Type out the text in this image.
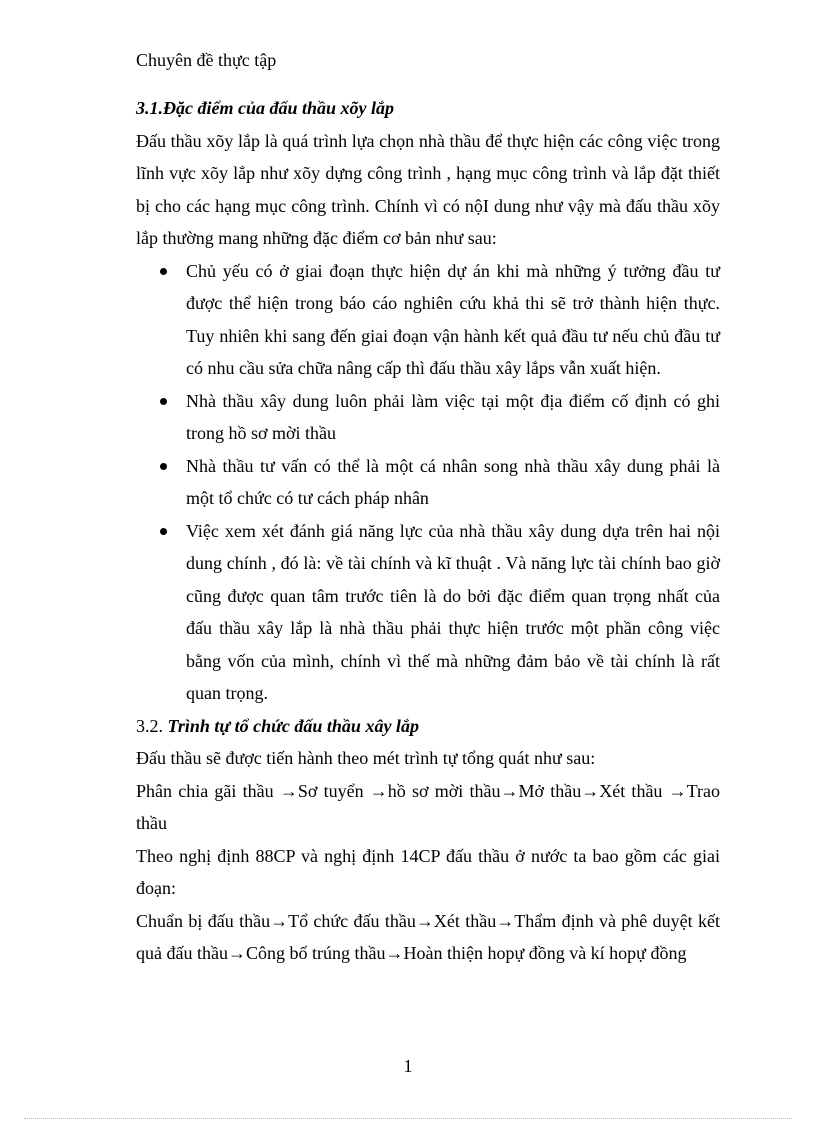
Chuyên đề thực tập

3.1.Đặc điểm của đấu thầu xõy lắp

Đấu thầu xõy lắp là quá trình lựa chọn nhà thầu để thực hiện các công việc trong lĩnh vực xõy lắp như xõy dựng công trình , hạng mục công trình và lắp đặt thiết bị cho các hạng mục công trình. Chính vì có nộI dung như vậy mà đấu thầu xõy lắp thường mang những đặc điểm cơ bản như sau:

Chủ yếu có ở giai đoạn thực hiện dự án khi mà những ý tưởng đầu tư được thể hiện trong báo cáo nghiên cứu khả thi sẽ trở thành hiện thực. Tuy nhiên khi sang đến giai đoạn vận hành kết quả đầu tư nếu chủ đầu tư có nhu cầu sửa chữa nâng cấp thì đấu thầu xây lắps vẫn xuất hiện.
Nhà thầu xây dung luôn phải làm việc tại một địa điểm cố định có ghi trong hồ sơ mời thầu
Nhà thầu tư vấn có thể là một cá nhân song nhà thầu xây dung phải là một tổ chức có tư cách pháp nhân
Việc xem xét đánh giá năng lực của nhà thầu xây dung dựa trên hai nội dung chính , đó là: về tài chính và kĩ thuật . Và năng lực tài chính bao giờ cũng được quan tâm trước tiên là do bởi đặc điểm quan trọng nhất của đấu thầu xây lắp là nhà thầu phải thực hiện trước một phần công việc bằng vốn của mình, chính vì thế mà những đảm bảo về tài chính là rất quan trọng.

3.2. Trình tự tổ chức đấu thầu xây lắp

Đấu thầu sẽ được tiến hành theo mét trình tự tổng quát như sau:

Phân chia gãi thầu →Sơ tuyển →hồ sơ mời thầu→Mở thầu→Xét thầu →Trao thầu

Theo nghị định 88CP và nghị định 14CP đấu thầu ở nước ta bao gồm các giai đoạn:

Chuẩn bị đấu thầu→Tổ chức đấu thầu→Xét thầu→Thẩm định và phê duyệt kết quả đấu thầu→Công bố trúng thầu→Hoàn thiện hopự đồng và kí hopự đồng

1
